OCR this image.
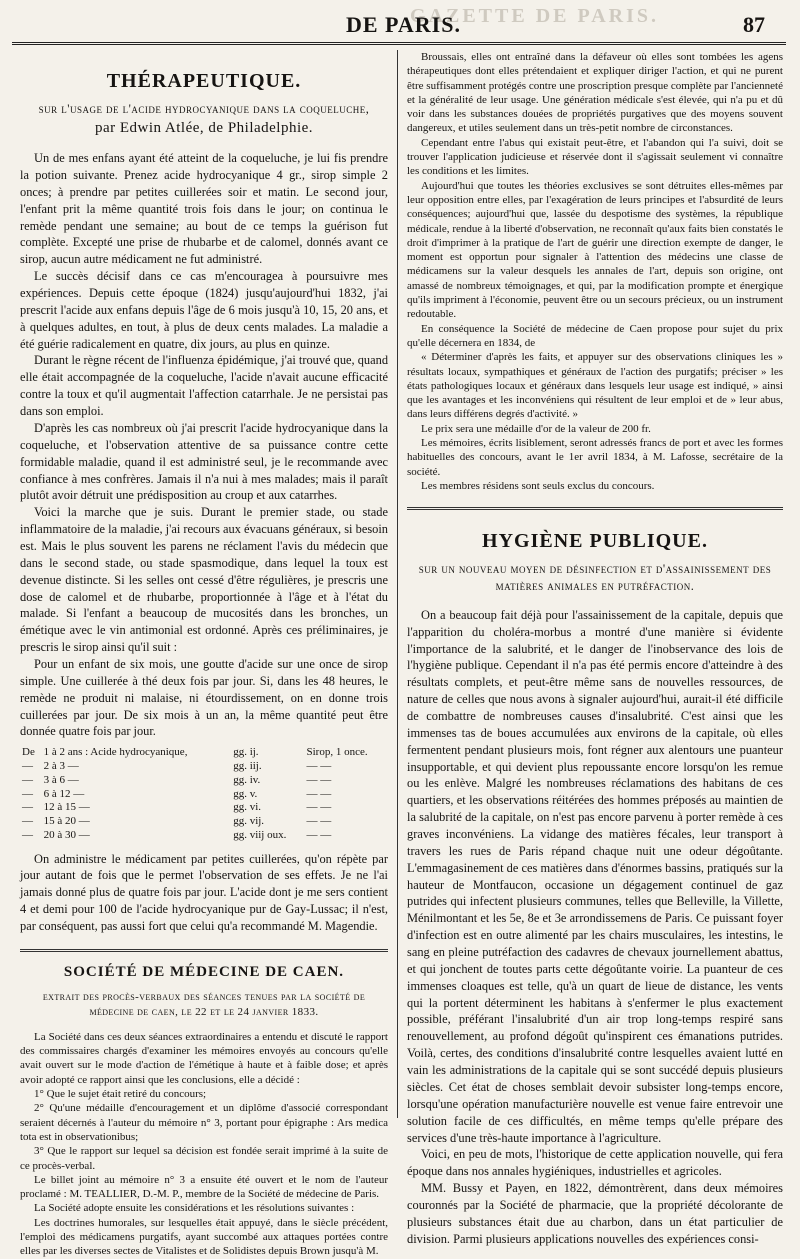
GAZETTE DE PARIS.
DE PARIS.	87
THÉRAPEUTIQUE.
sur l'usage de l'acide hydrocyanique dans la coqueluche, par Edwin Atlée, de Philadelphie.

Un de mes enfans ayant été atteint de la coqueluche, je lui fis prendre la potion suivante. Prenez acide hydrocyanique 4 gr., sirop simple 2 onces; à prendre par petites cuillerées soir et matin. Le second jour, l'enfant prit la même quantité trois fois dans le jour; on continua le remède pendant une semaine; au bout de ce temps la guérison fut complète. Excepté une prise de rhubarbe et de calomel, donnés avant ce sirop, aucun autre médicament ne fut administré.

Le succès décisif dans ce cas m'encouragea à poursuivre mes expériences. Depuis cette époque (1824) jusqu'aujourd'hui 1832, j'ai prescrit l'acide aux enfans depuis l'âge de 6 mois jusqu'à 10, 15, 20 ans, et à quelques adultes, en tout, à plus de deux cents malades. La maladie a été guérie radicalement en quatre, dix jours, au plus en quinze.

Durant le règne récent de l'influenza épidémique, j'ai trouvé que, quand elle était accompagnée de la coqueluche, l'acide n'avait aucune efficacité contre la toux et qu'il augmentait l'affection catarrhale. Je ne persistai pas dans son emploi.

D'après les cas nombreux où j'ai prescrit l'acide hydrocyanique dans la coqueluche, et l'observation attentive de sa puissance contre cette formidable maladie, quand il est administré seul, je le recommande avec confiance à mes confrères. Jamais il n'a nui à mes malades; mais il paraît plutôt avoir détruit une prédisposition au croup et aux catarrhes.

Voici la marche que je suis. Durant le premier stade, ou stade inflammatoire de la maladie, j'ai recours aux évacuans généraux, si besoin est. Mais le plus souvent les parens ne réclament l'avis du médecin que dans le second stade, ou stade spasmodique, dans lequel la toux est devenue distincte. Si les selles ont cessé d'être régulières, je prescris une dose de calomel et de rhubarbe, proportionnée à l'âge et à l'état du malade. Si l'enfant a beaucoup de mucosités dans les bronches, un émétique avec le vin antimonial est ordonné. Après ces préliminaires, je prescris le sirop ainsi qu'il suit :

Pour un enfant de six mois, une goutte d'acide sur une once de sirop simple. Une cuillerée à thé deux fois par jour. Si, dans les 48 heures, le remède ne produit ni malaise, ni étourdissement, on en donne trois cuillerées par jour. De six mois à un an, la même quantité peut être donnée quatre fois par jour.

De	1 à 2 ans : Acide hydrocyanique,	gg. ij.	Sirop, 1 once.
—	2 à 3 —	gg. iij.	— —
—	3 à 6 —	gg. iv.	— —
—	6 à 12 —	gg. v.	— —
—	12 à 15 —	gg. vi.	— —
—	15 à 20 —	gg. vij.	— —
—	20 à 30 —	gg. viij oux.	— —

On administre le médicament par petites cuillerées, qu'on répète par jour autant de fois que le permet l'observation de ses effets. Je ne l'ai jamais donné plus de quatre fois par jour. L'acide dont je me sers contient 4 et demi pour 100 de l'acide hydrocyanique pur de Gay-Lussac; il n'est, par conséquent, pas aussi fort que celui qu'a recommandé M. Magendie.

SOCIÉTÉ DE MÉDECINE DE CAEN.
extrait des procès-verbaux des séances tenues par la société de médecine de caen, le 22 et le 24 janvier 1833.

La Société dans ces deux séances extraordinaires a entendu et discuté le rapport des commissaires chargés d'examiner les mémoires envoyés au concours qu'elle avait ouvert sur le mode d'action de l'émétique à haute et à faible dose; et après avoir adopté ce rapport ainsi que les conclusions, elle a décidé :

1° Que le sujet était retiré du concours;

2° Qu'une médaille d'encouragement et un diplôme d'associé correspondant seraient décernés à l'auteur du mémoire n° 3, portant pour épigraphe : Ars medica tota est in observationibus;

3° Que le rapport sur lequel sa décision est fondée serait imprimé à la suite de ce procès-verbal.

Le billet joint au mémoire n° 3 a ensuite été ouvert et le nom de l'auteur proclamé : M. TEALLIER, D.-M. P., membre de la Société de médecine de Paris.

La Société adopte ensuite les considérations et les résolutions suivantes :

Les doctrines humorales, sur lesquelles était appuyé, dans le siècle précédent, l'emploi des médicamens purgatifs, ayant succombé aux attaques portées contre elles par les diverses sectes de Vitalistes et de Solidistes depuis Brown jusqu'à M.

Broussais, elles ont entraîné dans la défaveur où elles sont tombées les agens thérapeutiques dont elles prétendaient et expliquer diriger l'action, et qui ne purent être suffisamment protégés contre une proscription presque complète par l'ancienneté et la généralité de leur usage. Une génération médicale s'est élevée, qui n'a pu et dû voir dans les substances douées de propriétés purgatives que des moyens souvent dangereux, et utiles seulement dans un très-petit nombre de circonstances.

Cependant entre l'abus qui existait peut-être, et l'abandon qui l'a suivi, doit se trouver l'application judicieuse et réservée dont il s'agissait seulement vi connaître les conditions et les limites.

Aujourd'hui que toutes les théories exclusives se sont détruites elles-mêmes par leur opposition entre elles, par l'exagération de leurs principes et l'absurdité de leurs conséquences; aujourd'hui que, lassée du despotisme des systèmes, la république médicale, rendue à la liberté d'observation, ne reconnaît qu'aux faits bien constatés le droit d'imprimer à la pratique de l'art de guérir une direction exempte de danger, le moment est opportun pour signaler à l'attention des médecins une classe de médicamens sur la valeur desquels les annales de l'art, depuis son origine, ont amassé de nombreux témoignages, et qui, par la modification prompte et énergique qu'ils impriment à l'économie, peuvent être ou un secours précieux, ou un instrument redoutable.

En conséquence la Société de médecine de Caen propose pour sujet du prix qu'elle décernera en 1834, de

« Déterminer d'après les faits, et appuyer sur des observations cliniques les » résultats locaux, sympathiques et généraux de l'action des purgatifs; préciser » les états pathologiques locaux et généraux dans lesquels leur usage est indiqué, » ainsi que les avantages et les inconvéniens qui résultent de leur emploi et de » leur abus, dans leurs différens degrés d'activité. »

Le prix sera une médaille d'or de la valeur de 200 fr.

Les mémoires, écrits lisiblement, seront adressés francs de port et avec les formes habituelles des concours, avant le 1er avril 1834, à M. Lafosse, secrétaire de la société.

Les membres résidens sont seuls exclus du concours.

HYGIÈNE PUBLIQUE.
sur un nouveau moyen de désinfection et d'assainissement des matières animales en putréfaction.

On a beaucoup fait déjà pour l'assainissement de la capitale, depuis que l'apparition du choléra-morbus a montré d'une manière si évidente l'importance de la salubrité, et le danger de l'inobservance des lois de l'hygiène publique. Cependant il n'a pas été permis encore d'atteindre à des résultats complets, et peut-être même sans de nouvelles ressources, de nature de celles que nous avons à signaler aujourd'hui, aurait-il été difficile de combattre de nombreuses causes d'insalubrité. C'est ainsi que les immenses tas de boues accumulées aux environs de la capitale, où elles fermentent pendant plusieurs mois, font régner aux alentours une puanteur insupportable, et qui devient plus repoussante encore lorsqu'on les remue ou les enlève. Malgré les nombreuses réclamations des habitans de ces quartiers, et les observations réitérées des hommes préposés au maintien de la salubrité de la capitale, on n'est pas encore parvenu à porter remède à ces graves inconvéniens. La vidange des matières fécales, leur transport à travers les rues de Paris répand chaque nuit une odeur dégoûtante. L'emmagasinement de ces matières dans d'énormes bassins, pratiqués sur la hauteur de Montfaucon, occasione un dégagement continuel de gaz putrides qui infectent plusieurs communes, telles que Belleville, la Villette, Ménilmontant et les 5e, 8e et 3e arrondissemens de Paris. Ce puissant foyer d'infection est en outre alimenté par les chairs musculaires, les intestins, le sang en pleine putréfaction des cadavres de chevaux journellement abattus, et qui jonchent de toutes parts cette dégoûtante voirie. La puanteur de ces immenses cloaques est telle, qu'à un quart de lieue de distance, les vents qui la portent déterminent les habitans à s'enfermer le plus exactement possible, préférant l'insalubrité d'un air trop long-temps respiré sans renouvellement, au profond dégoût qu'inspirent ces émanations putrides. Voilà, certes, des conditions d'insalubrité contre lesquelles avaient lutté en vain les administrations de la capitale qui se sont succédé depuis plusieurs siècles. Cet état de choses semblait devoir subsister long-temps encore, lorsqu'une opération manufacturière nouvelle est venue faire entrevoir une solution facile de ces difficultés, en même temps qu'elle prépare des services d'une très-haute importance à l'agriculture.

Voici, en peu de mots, l'historique de cette application nouvelle, qui fera époque dans nos annales hygiéniques, industrielles et agricoles.

MM. Bussy et Payen, en 1822, démontrèrent, dans deux mémoires couronnés par la Société de pharmacie, que la propriété décolorante de plusieurs substances était due au charbon, dans un état particulier de division. Parmi plusieurs applications nouvelles des expériences consi-
